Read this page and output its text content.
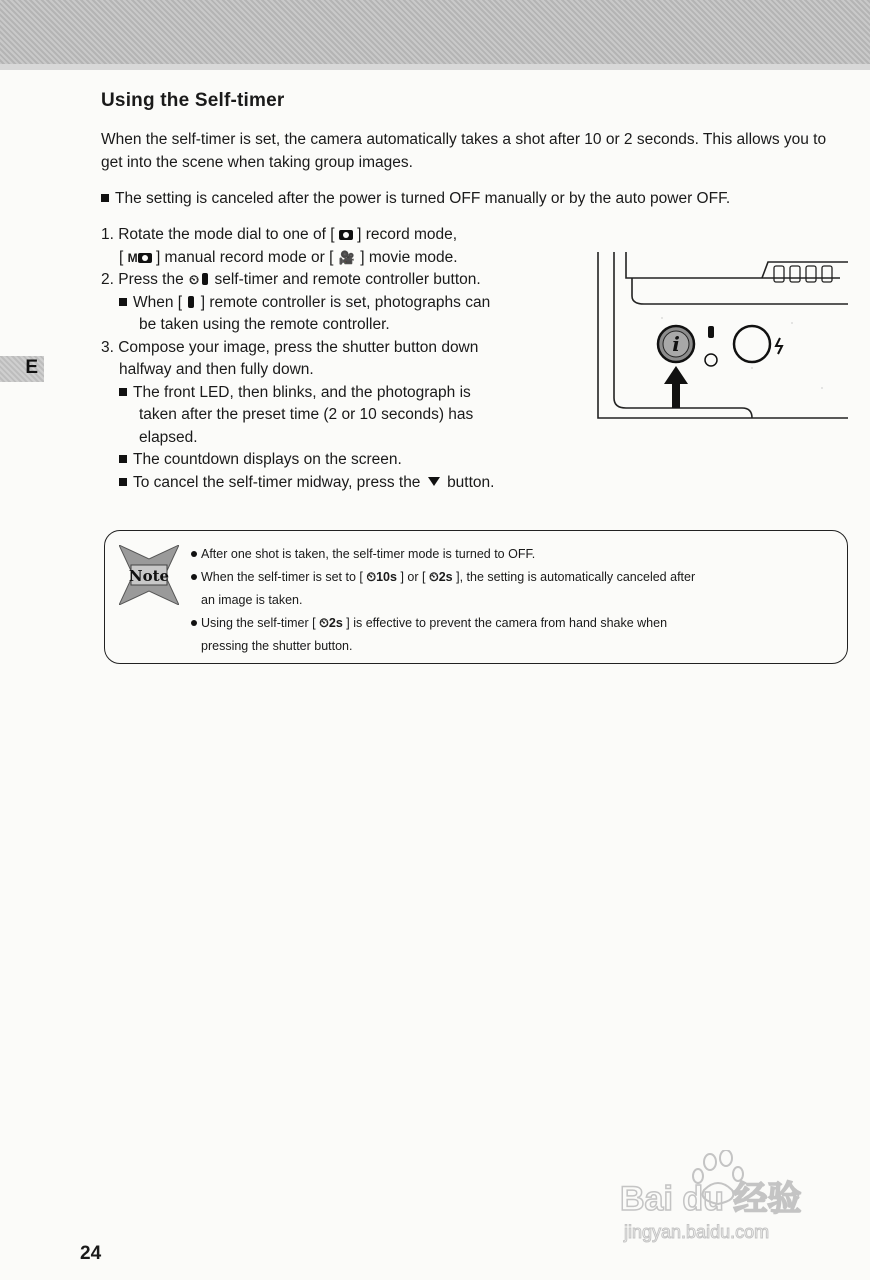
E
Using the Self-timer
When the self-timer is set, the camera automatically takes a shot after 10 or 2 seconds. This allows you to get into the scene when taking group images.
The setting is canceled after the power is turned OFF manually or by the auto power OFF.
1. Rotate the mode dial to one of [ ] record mode,
[ M ] manual record mode or [ 🎥 ] movie mode.
2. Press the ⏲ self-timer and remote controller button.
When [ ] remote controller is set, photographs can
be taken using the remote controller.
3. Compose your image, press the shutter button down
halfway and then fully down.
The front LED, then blinks, and the photograph is
taken after the preset time (2 or 10 seconds) has
elapsed.
The countdown displays on the screen.
To cancel the self-timer midway, press the button.
i
Note
After one shot is taken, the self-timer mode is turned to OFF.
When the self-timer is set to [ ⏲10s ] or [ ⏲2s ], the setting is automatically canceled after
an image is taken.
Using the self-timer [ ⏲2s ] is effective to prevent the camera from hand shake when
pressing the shutter button.
Bai du 经验
jingyan.baidu.com
24
